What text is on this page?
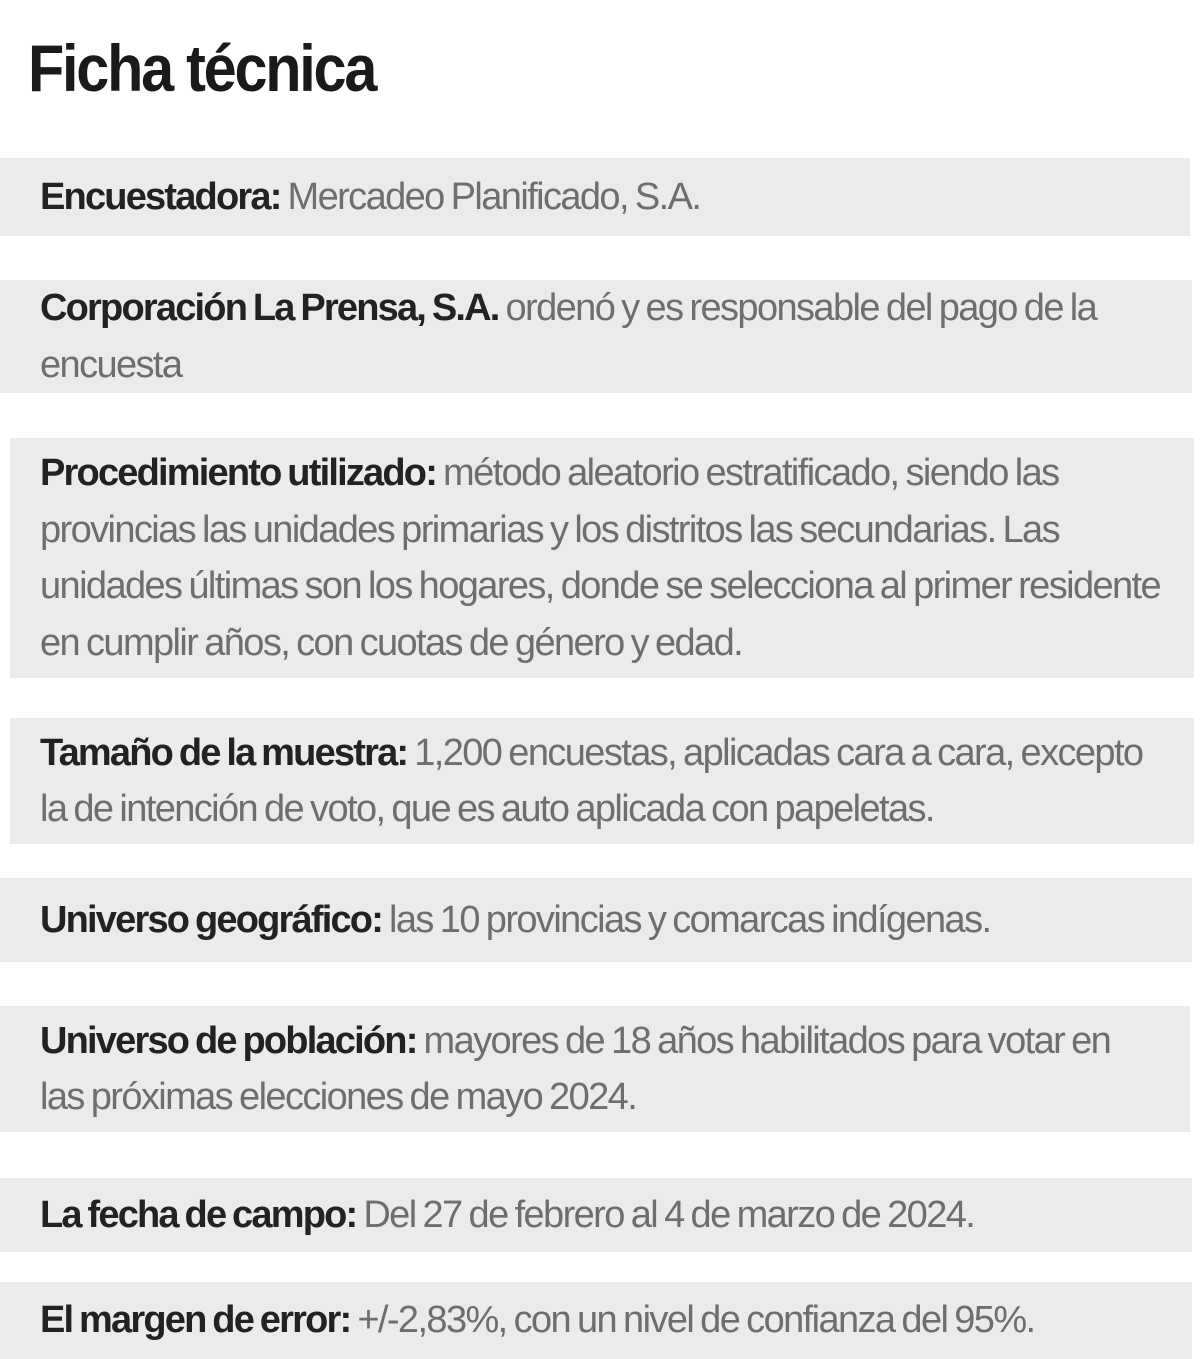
Ficha técnica

Encuestadora: Mercadeo Planificado, S.A.

Corporación La Prensa, S.A. ordenó y es responsable del pago de la encuesta

Procedimiento utilizado: método aleatorio estratificado, siendo las provincias las unidades primarias y los distritos las secundarias. Las unidades últimas son los hogares, donde se selecciona al primer residente en cumplir años, con cuotas de género y edad.

Tamaño de la muestra: 1,200 encuestas, aplicadas cara a cara, excepto la de intención de voto, que es auto aplicada con papeletas.

Universo geográfico: las 10 provincias y comarcas indígenas.

Universo de población: mayores de 18 años habilitados para votar en las próximas elecciones de mayo 2024.

La fecha de campo: Del 27 de febrero al 4 de marzo de 2024.

El margen de error: +/-2,83%, con un nivel de confianza del 95%.
